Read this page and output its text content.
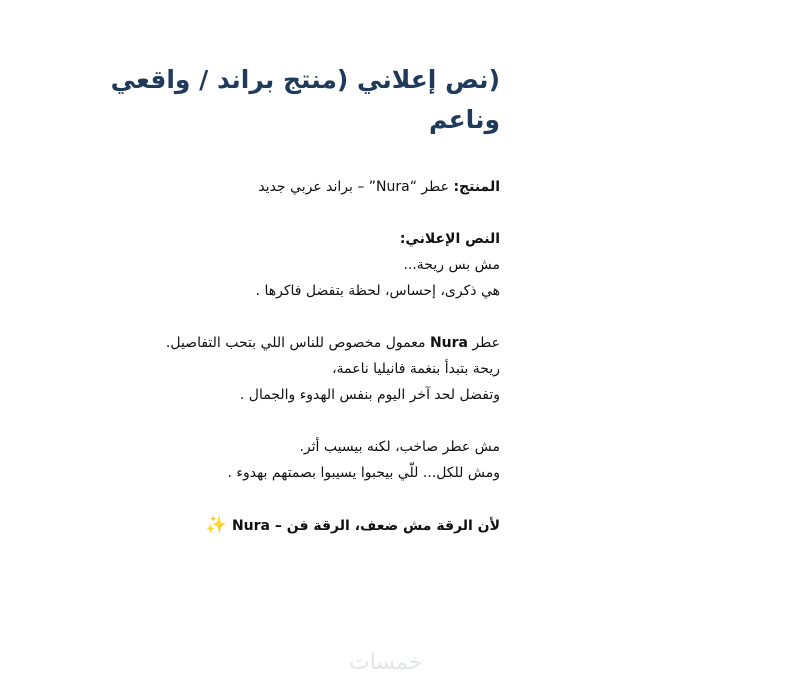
(نص إعلاني (منتج براند / واقعي وناعم

المنتج: عطر “Nura” – براند عربي جديد

النص الإعلاني:

مش بس ريحة...

هي ذكرى، إحساس، لحظة بتفضل فاكرها .

عطر Nura معمول مخصوص للناس اللي بتحب التفاصيل.

ريحة بتبدأ بنغمة فانيليا ناعمة،

وتفضل لحد آخر اليوم بنفس الهدوء والجمال .

مش عطر صاخب، لكنه بيسيب أثر.

ومش للكل... للّي بيحبوا يسيبوا بصمتهم بهدوء .

لأن الرقة مش ضعف، الرقة فن – Nura ✨

خمسات
